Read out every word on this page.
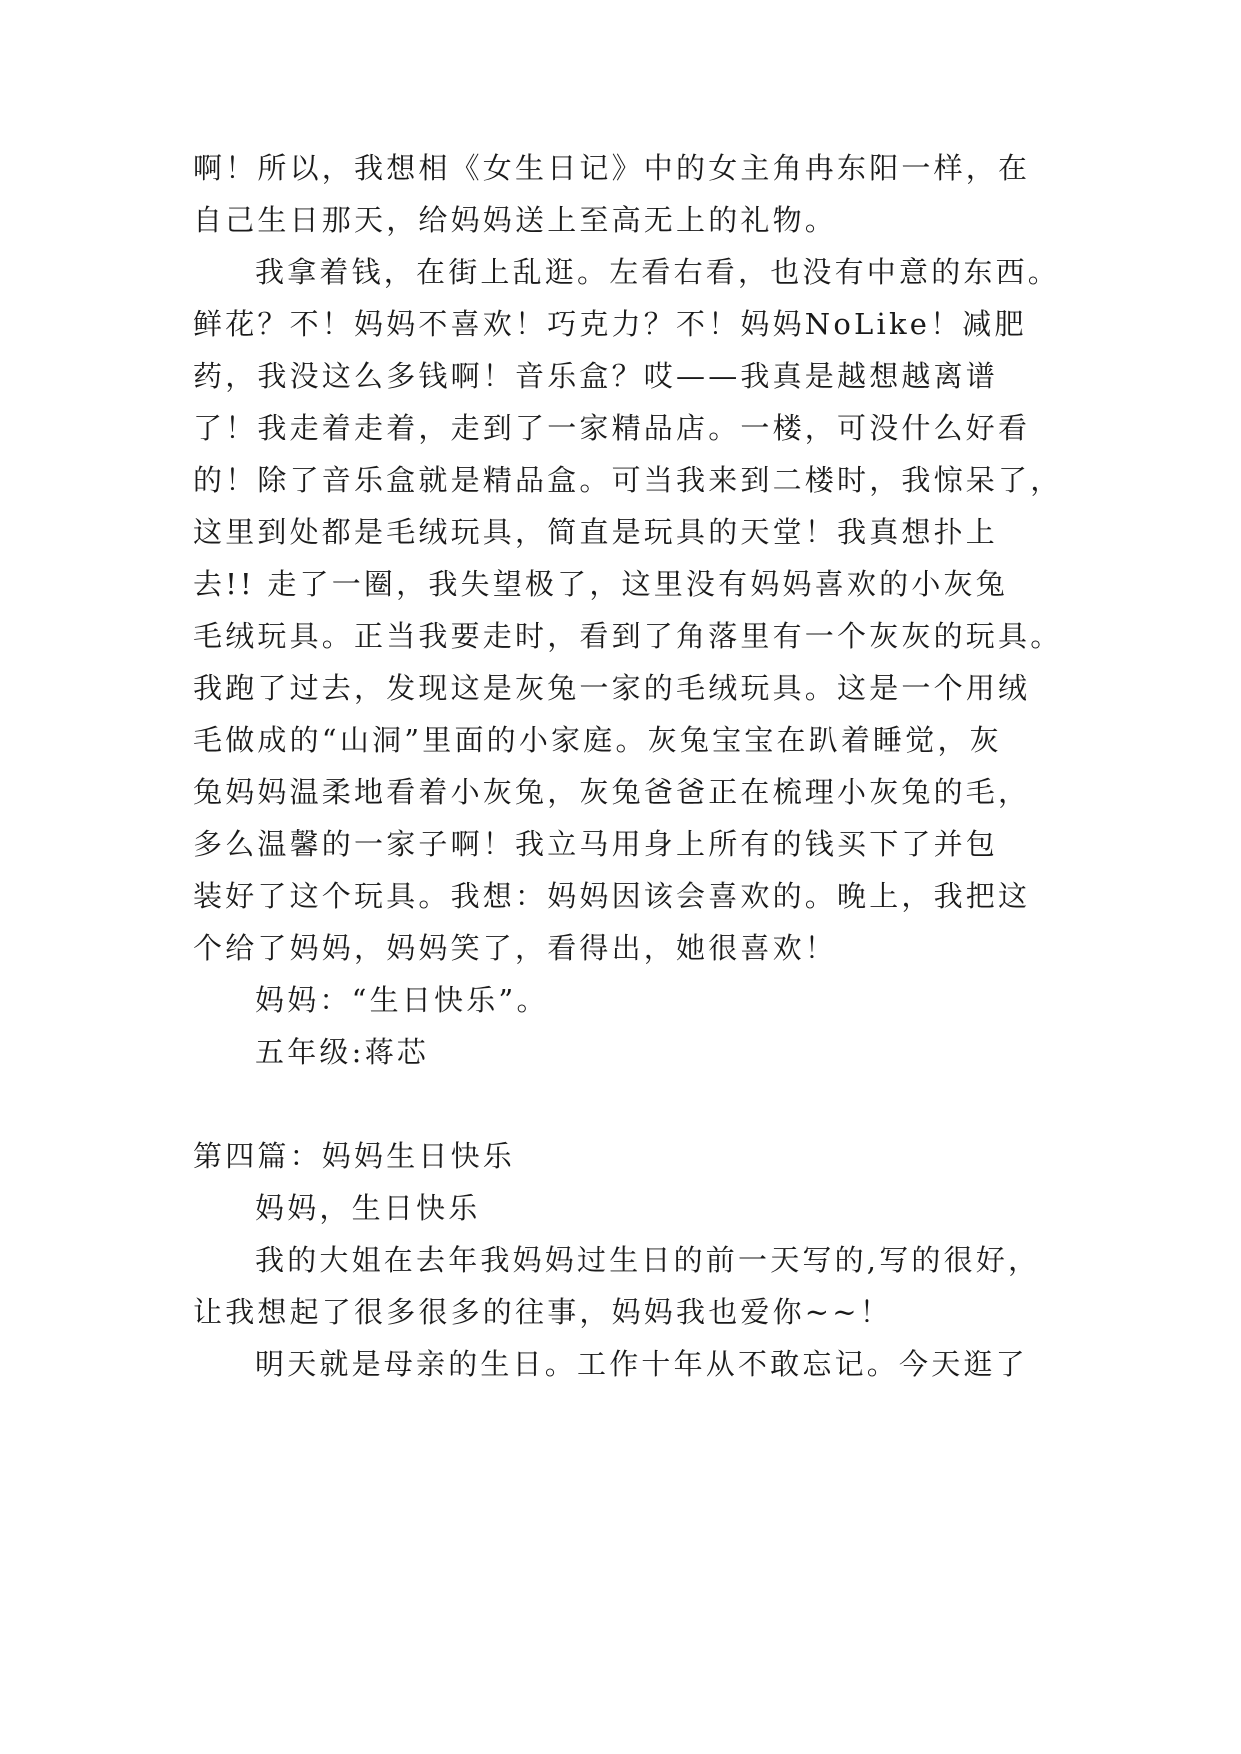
啊！所以，我想相《女生日记》中的女主角冉东阳一样，在
自己生日那天，给妈妈送上至高无上的礼物。
我拿着钱，在街上乱逛。左看右看，也没有中意的东西。
鲜花？不！妈妈不喜欢！巧克力？不！妈妈NoLike！减肥
药，我没这么多钱啊！音乐盒？哎——我真是越想越离谱
了！我走着走着，走到了一家精品店。一楼，可没什么好看
的！除了音乐盒就是精品盒。可当我来到二楼时，我惊呆了，
这里到处都是毛绒玩具，简直是玩具的天堂！我真想扑上
去!! 走了一圈，我失望极了，这里没有妈妈喜欢的小灰兔
毛绒玩具。正当我要走时，看到了角落里有一个灰灰的玩具。
我跑了过去，发现这是灰兔一家的毛绒玩具。这是一个用绒
毛做成的“山洞”里面的小家庭。灰兔宝宝在趴着睡觉，灰
兔妈妈温柔地看着小灰兔，灰兔爸爸正在梳理小灰兔的毛，
多么温馨的一家子啊！我立马用身上所有的钱买下了并包
装好了这个玩具。我想：妈妈因该会喜欢的。晚上，我把这
个给了妈妈，妈妈笑了，看得出，她很喜欢！
妈妈：“生日快乐”。
五年级:蒋芯
第四篇：妈妈生日快乐
妈妈，生日快乐
我的大姐在去年我妈妈过生日的前一天写的,写的很好，
让我想起了很多很多的往事，妈妈我也爱你~~！
明天就是母亲的生日。工作十年从不敢忘记。今天逛了
